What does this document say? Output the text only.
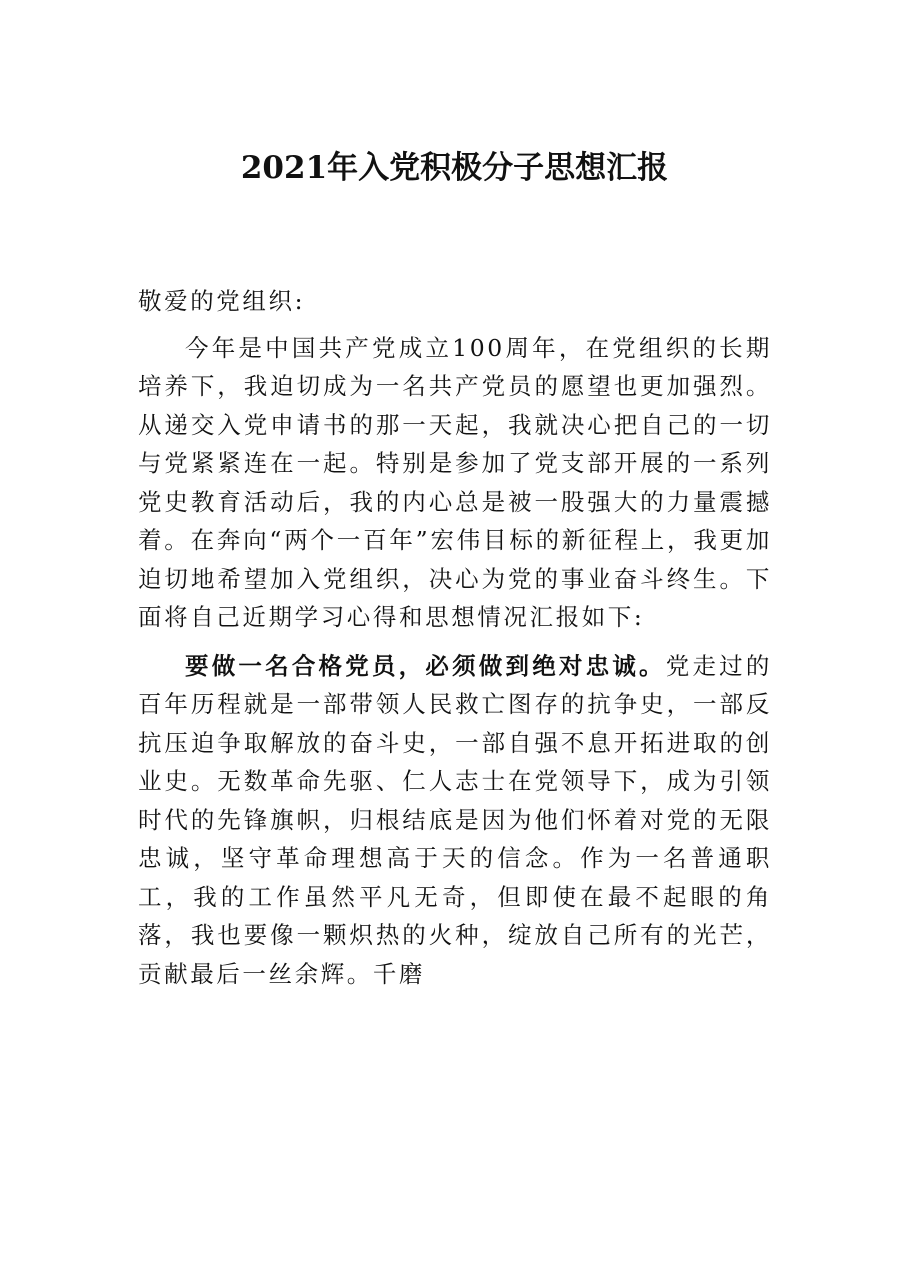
2021年入党积极分子思想汇报

敬爱的党组织:

今年是中国共产党成立100周年，在党组织的长期培养下，我迫切成为一名共产党员的愿望也更加强烈。从递交入党申请书的那一天起，我就决心把自己的一切与党紧紧连在一起。特别是参加了党支部开展的一系列党史教育活动后，我的内心总是被一股强大的力量震撼着。在奔向“两个一百年”宏伟目标的新征程上，我更加迫切地希望加入党组织，决心为党的事业奋斗终生。下面将自己近期学习心得和思想情况汇报如下:

要做一名合格党员，必须做到绝对忠诚。党走过的百年历程就是一部带领人民救亡图存的抗争史，一部反抗压迫争取解放的奋斗史，一部自强不息开拓进取的创业史。无数革命先驱、仁人志士在党领导下，成为引领时代的先锋旗帜，归根结底是因为他们怀着对党的无限忠诚，坚守革命理想高于天的信念。作为一名普通职工，我的工作虽然平凡无奇，但即使在最不起眼的角落，我也要像一颗炽热的火种，绽放自己所有的光芒，贡献最后一丝余辉。千磨
